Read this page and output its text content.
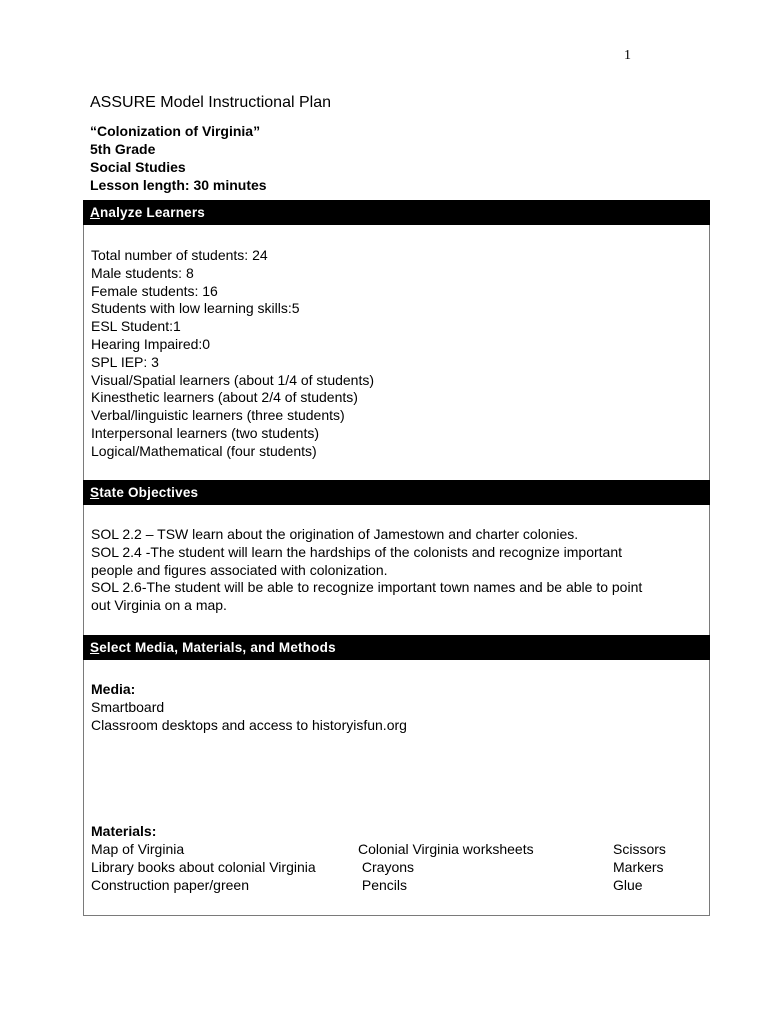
1
ASSURE Model Instructional Plan
“Colonization of Virginia”
5th Grade
Social Studies
Lesson length: 30 minutes
Analyze Learners
Total number of students: 24
Male students: 8
Female students: 16
Students with low learning skills:5
ESL Student:1
Hearing Impaired:0
SPL IEP: 3
Visual/Spatial learners (about 1/4 of students)
Kinesthetic learners (about 2/4 of students)
Verbal/linguistic learners (three students)
Interpersonal learners (two students)
Logical/Mathematical (four students)
State Objectives
SOL 2.2 – TSW learn about the origination of Jamestown and charter colonies.
SOL 2.4 -The student will learn the hardships of the colonists and recognize important
people and figures associated with colonization.
SOL 2.6-The student will be able to recognize important town names and be able to point
out Virginia on a map.
Select Media, Materials, and Methods
Media:
Smartboard
Classroom desktops and access to historyisfun.org
Materials:
Map of Virginia	Colonial Virginia worksheets	Scissors
Library books about colonial Virginia	Crayons	Markers
Construction paper/green	Pencils	Glue
